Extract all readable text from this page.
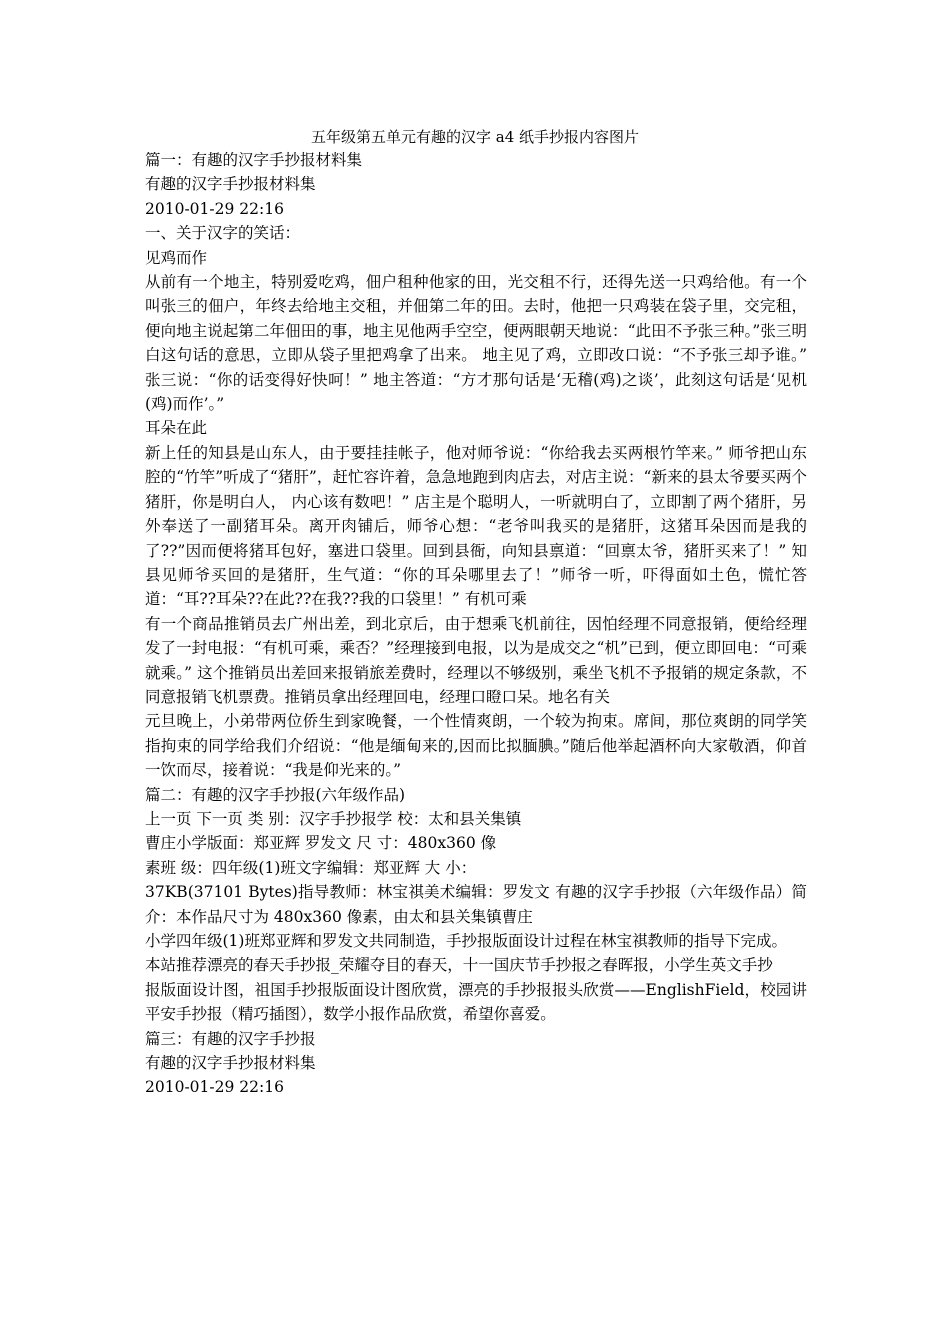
五年级第五单元有趣的汉字 a4 纸手抄报内容图片

篇一：有趣的汉字手抄报材料集

有趣的汉字手抄报材料集

2010-01-29 22:16

一、关于汉字的笑话：

见鸡而作

从前有一个地主，特别爱吃鸡，佃户租种他家的田，光交租不行，还得先送一只鸡给他。有一个叫张三的佃户，年终去给地主交租，并佃第二年的田。去时，他把一只鸡装在袋子里，交完租，便向地主说起第二年佃田的事，地主见他两手空空，便两眼朝天地说：“此田不予张三种。”张三明白这句话的意思，立即从袋子里把鸡拿了出来。 地主见了鸡，立即改口说：“不予张三却予谁。” 张三说：“你的话变得好快呵！” 地主答道：“方才那句话是‘无稽(鸡)之谈’，此刻这句话是‘见机(鸡)而作’。”

耳朵在此

新上任的知县是山东人，由于要挂挂帐子，他对师爷说：“你给我去买两根竹竿来。” 师爷把山东腔的“竹竿”听成了“猪肝”，赶忙容许着，急急地跑到肉店去，对店主说：“新来的县太爷要买两个猪肝，你是明白人， 内心该有数吧！” 店主是个聪明人，一听就明白了，立即割了两个猪肝，另外奉送了一副猪耳朵。离开肉铺后，师爷心想：“老爷叫我买的是猪肝，这猪耳朵因而是我的了??”因而便将猪耳包好，塞进口袋里。回到县衙，向知县禀道：“回禀太爷，猪肝买来了！” 知县见师爷买回的是猪肝，生气道：“你的耳朵哪里去了！”师爷一听，吓得面如土色，慌忙答道：“耳??耳朵??在此??在我??我的口袋里！” 有机可乘

有一个商品推销员去广州出差，到北京后，由于想乘飞机前往，因怕经理不同意报销，便给经理发了一封电报：“有机可乘，乘否？”经理接到电报，以为是成交之“机”已到，便立即回电：“可乘就乘。” 这个推销员出差回来报销旅差费时，经理以不够级别，乘坐飞机不予报销的规定条款，不同意报销飞机票费。推销员拿出经理回电，经理口瞪口呆。地名有关

元旦晚上，小弟带两位侨生到家晚餐，一个性情爽朗，一个较为拘束。席间，那位爽朗的同学笑指拘束的同学给我们介绍说：“他是缅甸来的,因而比拟腼腆。”随后他举起酒杯向大家敬酒，仰首一饮而尽，接着说：“我是仰光来的。”

篇二：有趣的汉字手抄报(六年级作品)

上一页 下一页 类 别：汉字手抄报学 校：太和县关集镇

曹庄小学版面：郑亚辉 罗发文 尺 寸：480x360 像

素班 级：四年级(1)班文字编辑：郑亚辉 大 小：

37KB(37101 Bytes)指导教师：林宝祺美术编辑：罗发文 有趣的汉字手抄报（六年级作品）简介：本作品尺寸为 480x360 像素，由太和县关集镇曹庄

小学四年级(1)班郑亚辉和罗发文共同制造，手抄报版面设计过程在林宝祺教师的指导下完成。

本站推荐漂亮的春天手抄报_荣耀夺目的春天，十一国庆节手抄报之春晖报，小学生英文手抄

报版面设计图，祖国手抄报版面设计图欣赏，漂亮的手抄报报头欣赏——EnglishField，校园讲平安手抄报（精巧插图），数学小报作品欣赏，希望你喜爱。

篇三：有趣的汉字手抄报

有趣的汉字手抄报材料集

2010-01-29 22:16
